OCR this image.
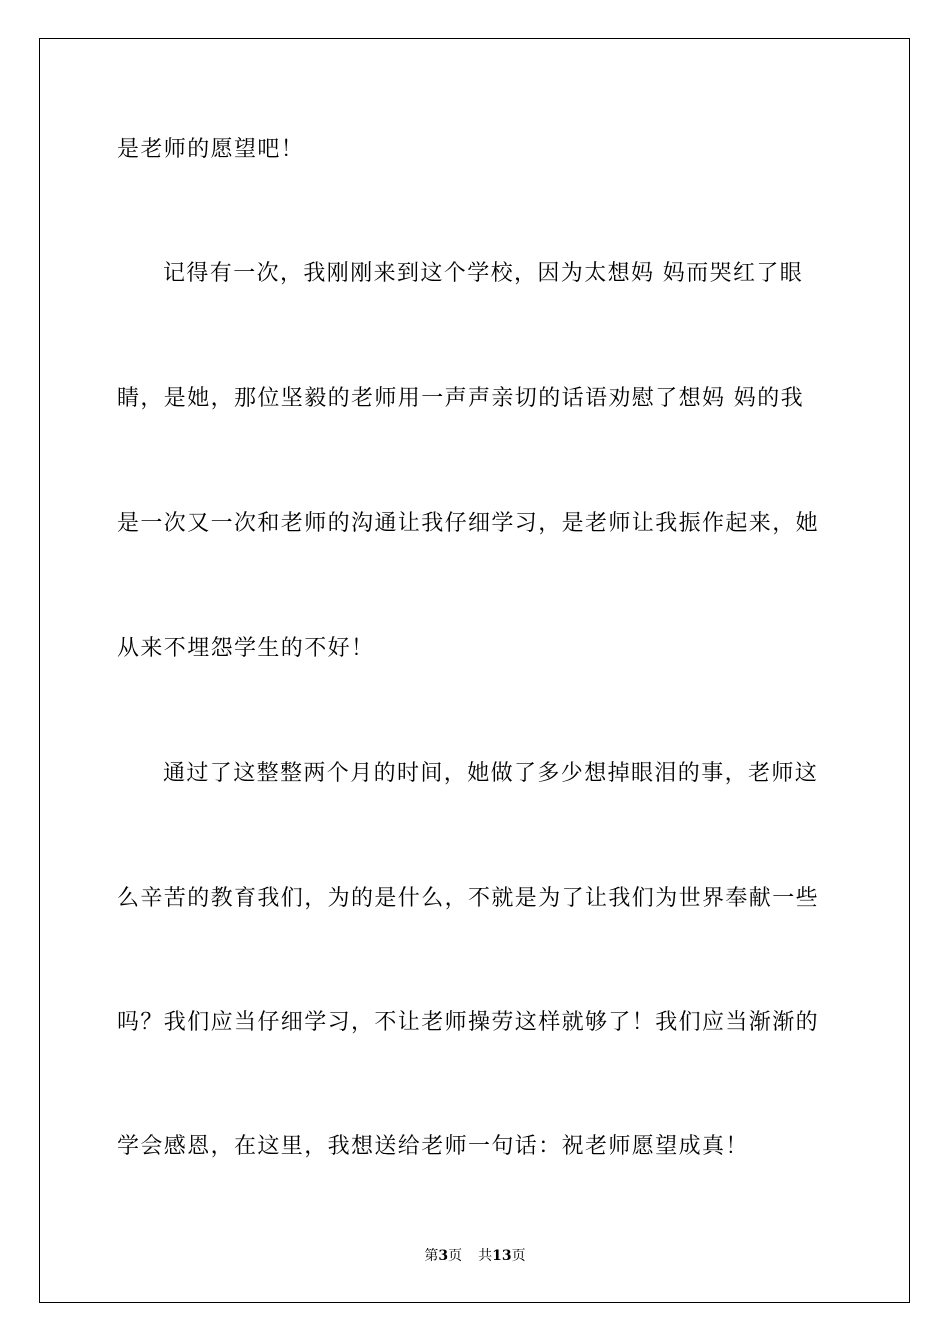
是老师的愿望吧！
记得有一次，我刚刚来到这个学校，因为太想妈 妈而哭红了眼
睛，是她，那位坚毅的老师用一声声亲切的话语劝慰了想妈 妈的我
是一次又一次和老师的沟通让我仔细学习，是老师让我振作起来，她
从来不埋怨学生的不好！
通过了这整整两个月的时间，她做了多少想掉眼泪的事，老师这
么辛苦的教育我们，为的是什么，不就是为了让我们为世界奉献一些
吗？我们应当仔细学习，不让老师操劳这样就够了！我们应当渐渐的
学会感恩，在这里，我想送给老师一句话：祝老师愿望成真！
第3页 共13页
